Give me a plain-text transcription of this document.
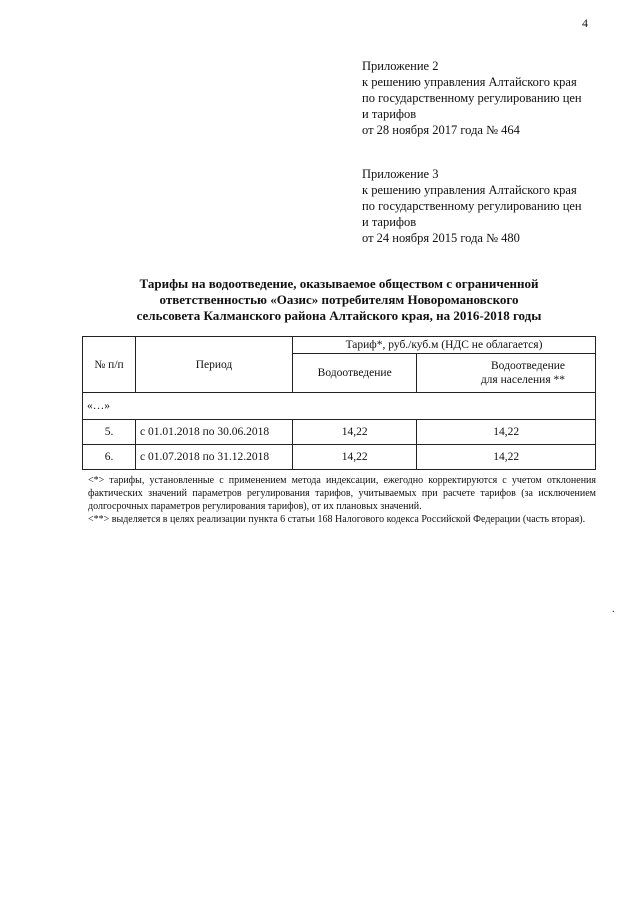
4
Приложение 2
к решению управления Алтайского края
по государственному регулированию цен
и тарифов
от 28 ноября 2017 года № 464
Приложение 3
к решению управления Алтайского края
по государственному регулированию цен
и тарифов
от 24 ноября 2015 года № 480
Тарифы на водоотведение, оказываемое обществом с ограниченной
ответственностью «Оазис» потребителям Новоромановского
сельсовета Калманского района Алтайского края, на 2016-2018 годы
№ п/п	Период	Тариф*, руб./куб.м (НДС не облагается)	
		Водоотведение	Водоотведение
для населения **
«…»			
5.	с 01.01.2018 по 30.06.2018	14,22	14,22
6.	с 01.07.2018 по 31.12.2018	14,22	14,22

<*> тарифы, установленные с применением метода индексации, ежегодно корректируются с учетом отклонения фактических значений параметров регулирования тарифов, учитываемых при расчете тарифов (за исключением долгосрочных параметров регулирования тарифов), от их плановых значений.

<**> выделяется в целях реализации пункта 6 статьи 168 Налогового кодекса Российской Федерации (часть вторая).

.
